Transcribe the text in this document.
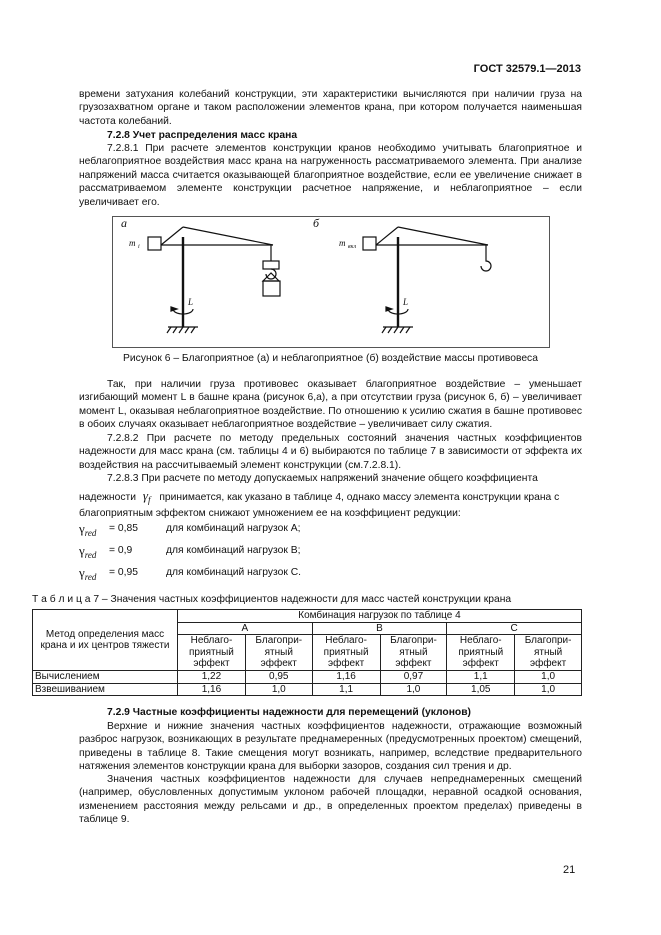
ГОСТ 32579.1—2013
времени затухания колебаний конструкции, эти характеристики вычисляются при наличии груза на грузозахватном органе и таком расположении элементов крана, при котором получается наименьшая частота колебаний.
7.2.8 Учет распределения масс крана
7.2.8.1 При расчете элементов конструкции кранов необходимо учитывать благоприятное и неблагоприятное воздействия масс крана на нагруженность рассматриваемого элемента. При анализе напряжений масса считается оказывающей благоприятное воздействие, если ее увеличение снижает в рассматриваемом элементе конструкции расчетное напряжение, и неблагоприятное – если увеличивает его.
а	б
m i	m вкл
L	L
Рисунок 6 – Благоприятное (а) и неблагоприятное (б) воздействие массы противовеса
Так, при наличии груза противовес оказывает благоприятное воздействие – уменьшает изгибающий момент L в башне крана (рисунок 6,а), а при отсутствии груза (рисунок 6, б) – увеличивает момент L, оказывая неблагоприятное воздействие. По отношению к усилию сжатия в башне противовес в обоих случаях оказывает неблагоприятное воздействие – увеличивает силу сжатия.
7.2.8.2 При расчете по методу предельных состояний значения частных коэффициентов надежности для масс крана (см. таблицы 4 и 6) выбираются по таблице 7 в зависимости от эффекта их воздействия на рассчитываемый элемент конструкции (см.7.2.8.1).
7.2.8.3 При расчете по методу допускаемых напряжений значение общего коэффициента
надежности γf принимается, как указано в таблице 4, однако массу элемента конструкции крана с
благоприятным эффектом снижают умножением ее на коэффициент редукции:
$\gamma_{red} = 0,85$	для комбинаций нагрузок А;
$\gamma_{red} = 0,9$	для комбинаций нагрузок В;
$\gamma_{red} = 0,95$	для комбинаций нагрузок С.
Т а б л и ц а 7 – Значения частных коэффициентов надежности для масс частей конструкции крана
Метод определения масс крана и их центров тяжести	Комбинация нагрузок по таблице 4					
	A		B		C	
	Неблаго-приятный эффект	Благопри-ятный эффект	Неблаго-приятный эффект	Благопри-ятный эффект	Неблаго-приятный эффект	Благопри-ятный эффект
Вычислением	1,22	0,95	1,16	0,97	1,1	1,0
Взвешиванием	1,16	1,0	1,1	1,0	1,05	1,0
7.2.9 Частные коэффициенты надежности для перемещений (уклонов)
Верхние и нижние значения частных коэффициентов надежности, отражающие возможный разброс нагрузок, возникающих в результате преднамеренных (предусмотренных проектом) смещений, приведены в таблице 8. Такие смещения могут возникать, например, вследствие предварительного натяжения элементов конструкции крана для выборки зазоров, создания сил трения и др.
Значения частных коэффициентов надежности для случаев непреднамеренных смещений (например, обусловленных допустимым уклоном рабочей площадки, неравной осадкой основания, изменением расстояния между рельсами и др., в определенных проектом пределах) приведены в таблице 9.
21
